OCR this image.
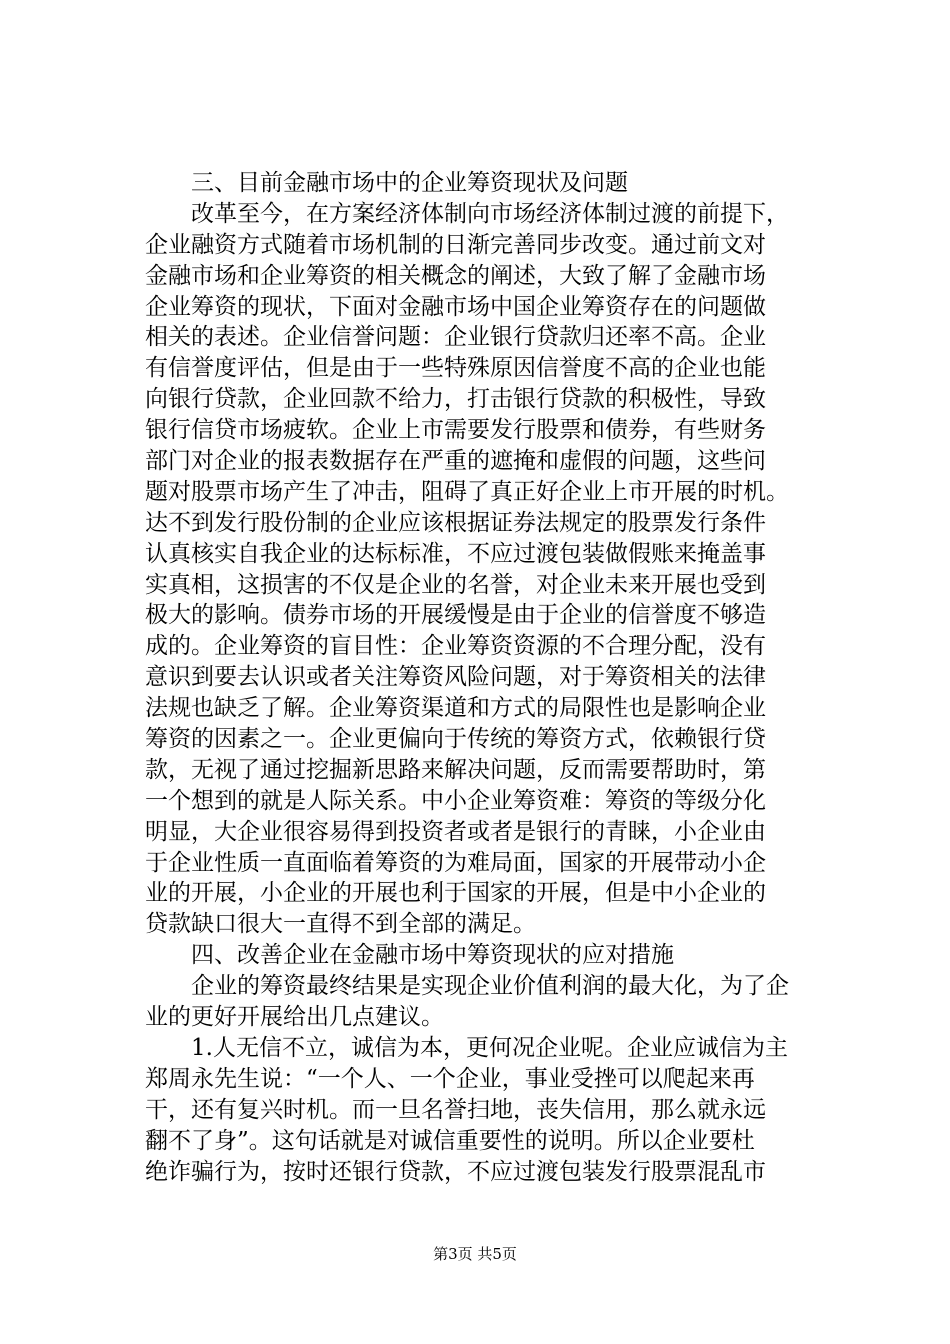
三、目前金融市场中的企业筹资现状及问题
改革至今，在方案经济体制向市场经济体制过渡的前提下，
企业融资方式随着市场机制的日渐完善同步改变。通过前文对
金融市场和企业筹资的相关概念的阐述，大致了解了金融市场
企业筹资的现状，下面对金融市场中国企业筹资存在的问题做
相关的表述。企业信誉问题：企业银行贷款归还率不高。企业
有信誉度评估，但是由于一些特殊原因信誉度不高的企业也能
向银行贷款，企业回款不给力，打击银行贷款的积极性，导致
银行信贷市场疲软。企业上市需要发行股票和债券，有些财务
部门对企业的报表数据存在严重的遮掩和虚假的问题，这些问
题对股票市场产生了冲击，阻碍了真正好企业上市开展的时机。
达不到发行股份制的企业应该根据证券法规定的股票发行条件
认真核实自我企业的达标标准，不应过渡包装做假账来掩盖事
实真相，这损害的不仅是企业的名誉，对企业未来开展也受到
极大的影响。债券市场的开展缓慢是由于企业的信誉度不够造
成的。企业筹资的盲目性：企业筹资资源的不合理分配，没有
意识到要去认识或者关注筹资风险问题，对于筹资相关的法律
法规也缺乏了解。企业筹资渠道和方式的局限性也是影响企业
筹资的因素之一。企业更偏向于传统的筹资方式，依赖银行贷
款，无视了通过挖掘新思路来解决问题，反而需要帮助时，第
一个想到的就是人际关系。中小企业筹资难：筹资的等级分化
明显，大企业很容易得到投资者或者是银行的青睐，小企业由
于企业性质一直面临着筹资的为难局面，国家的开展带动小企
业的开展，小企业的开展也利于国家的开展，但是中小企业的
贷款缺口很大一直得不到全部的满足。
四、改善企业在金融市场中筹资现状的应对措施
企业的筹资最终结果是实现企业价值利润的最大化，为了企
业的更好开展给出几点建议。
1.人无信不立，诚信为本，更何况企业呢。企业应诚信为主
郑周永先生说：“一个人、一个企业，事业受挫可以爬起来再
干，还有复兴时机。而一旦名誉扫地，丧失信用，那么就永远
翻不了身”。这句话就是对诚信重要性的说明。所以企业要杜
绝诈骗行为，按时还银行贷款，不应过渡包装发行股票混乱市
第3页 共5页
